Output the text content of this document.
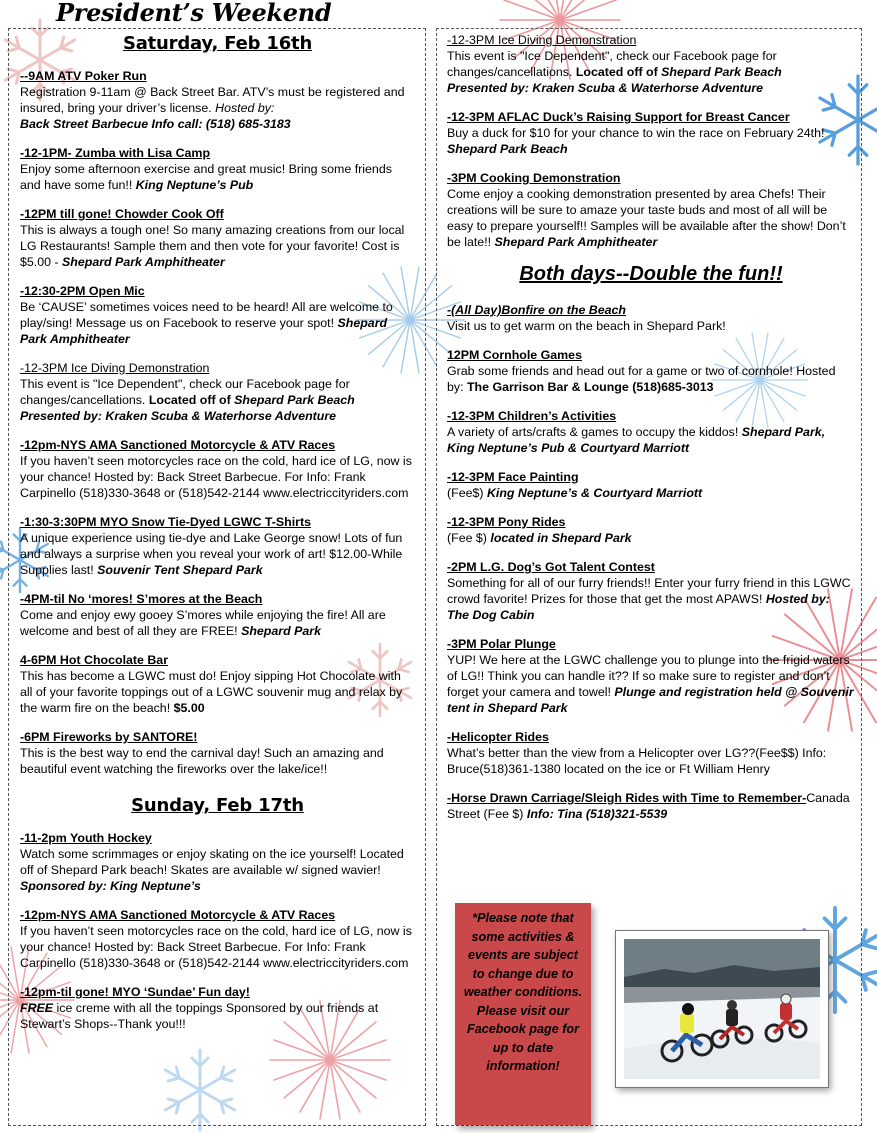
President’s Weekend
Saturday, Feb 16th
--9AM ATV Poker Run
Registration 9-11am @ Back Street Bar. ATV’s must be registered and insured, bring your driver’s license. Hosted by:
Back Street Barbecue Info call: (518) 685-3183
-12-1PM- Zumba with Lisa Camp
Enjoy some afternoon exercise and great music! Bring some friends and have some fun!! King Neptune’s Pub
-12PM till gone! Chowder Cook Off
This is always a tough one! So many amazing creations from our local LG Restaurants! Sample them and then vote for your favorite! Cost is $5.00 - Shepard Park Amphitheater
-12:30-2PM Open Mic
Be ‘CAUSE’ sometimes voices need to be heard! All are welcome to play/sing! Message us on Facebook to reserve your spot! Shepard Park Amphitheater
-12-3PM Ice Diving Demonstration
This event is "Ice Dependent", check our Facebook page for changes/cancellations. Located off of Shepard Park Beach
Presented by: Kraken Scuba & Waterhorse Adventure
-12pm-NYS AMA Sanctioned Motorcycle & ATV Races
If you haven’t seen motorcycles race on the cold, hard ice of LG, now is your chance! Hosted by: Back Street Barbecue. For Info: Frank Carpinello (518)330-3648 or (518)542-2144 www.electriccityriders.com
-1:30-3:30PM MYO Snow Tie-Dyed LGWC T-Shirts
A unique experience using tie-dye and Lake George snow! Lots of fun and always a surprise when you reveal your work of art! $12.00-While Supplies last! Souvenir Tent Shepard Park
-4PM-til No ‘mores! S’mores at the Beach
Come and enjoy ewy gooey S’mores while enjoying the fire! All are welcome and best of all they are FREE! Shepard Park
4-6PM Hot Chocolate Bar
This has become a LGWC must do! Enjoy sipping Hot Chocolate with all of your favorite toppings out of a LGWC souvenir mug and relax by the warm fire on the beach! $5.00
-6PM Fireworks by SANTORE!
This is the best way to end the carnival day! Such an amazing and beautiful event watching the fireworks over the lake/ice!!
Sunday, Feb 17th
-11-2pm Youth Hockey
Watch some scrimmages or enjoy skating on the ice yourself! Located off of Shepard Park beach! Skates are available w/ signed wavier! Sponsored by: King Neptune’s
-12pm-NYS AMA Sanctioned Motorcycle & ATV Races
If you haven’t seen motorcycles race on the cold, hard ice of LG, now is your chance! Hosted by: Back Street Barbecue. For Info: Frank Carpinello (518)330-3648 or (518)542-2144 www.electriccityriders.com
-12pm-til gone! MYO ‘Sundae’ Fun day!
FREE ice creme with all the toppings Sponsored by our friends at Stewart’s Shops--Thank you!!!
-12-3PM Ice Diving Demonstration
This event is "Ice Dependent", check our Facebook page for changes/cancellations. Located off of Shepard Park Beach
Presented by: Kraken Scuba & Waterhorse Adventure
-12-3PM AFLAC Duck’s Raising Support for Breast Cancer
Buy a duck for $10 for your chance to win the race on February 24th! Shepard Park Beach
-3PM Cooking Demonstration
Come enjoy a cooking demonstration presented by area Chefs! Their creations will be sure to amaze your taste buds and most of all will be easy to prepare yourself!! Samples will be available after the show! Don’t be late!! Shepard Park Amphitheater
Both days--Double the fun!!
-(All Day)Bonfire on the Beach
Visit us to get warm on the beach in Shepard Park!
12PM Cornhole Games
Grab some friends and head out for a game or two of cornhole! Hosted by: The Garrison Bar & Lounge (518)685-3013
-12-3PM Children’s Activities
A variety of arts/crafts & games to occupy the kiddos! Shepard Park, King Neptune’s Pub & Courtyard Marriott
-12-3PM Face Painting
(Fee$) King Neptune’s & Courtyard Marriott
-12-3PM Pony Rides
(Fee $) located in Shepard Park
-2PM L.G. Dog’s Got Talent Contest
Something for all of our furry friends!! Enter your furry friend in this LGWC crowd favorite! Prizes for those that get the most APAWS! Hosted by: The Dog Cabin
-3PM Polar Plunge
YUP! We here at the LGWC challenge you to plunge into the frigid waters of LG!! Think you can handle it?? If so make sure to register and don’t forget your camera and towel! Plunge and registration held @ Souvenir tent in Shepard Park
-Helicopter Rides
What’s better than the view from a Helicopter over LG??(Fee$$) Info: Bruce(518)361-1380 located on the ice or Ft William Henry
-Horse Drawn Carriage/Sleigh Rides with Time to Remember-Canada Street (Fee $) Info: Tina (518)321-5539
*Please note that some activities & events are subject to change due to weather conditions. Please visit our Facebook page for up to date information!
